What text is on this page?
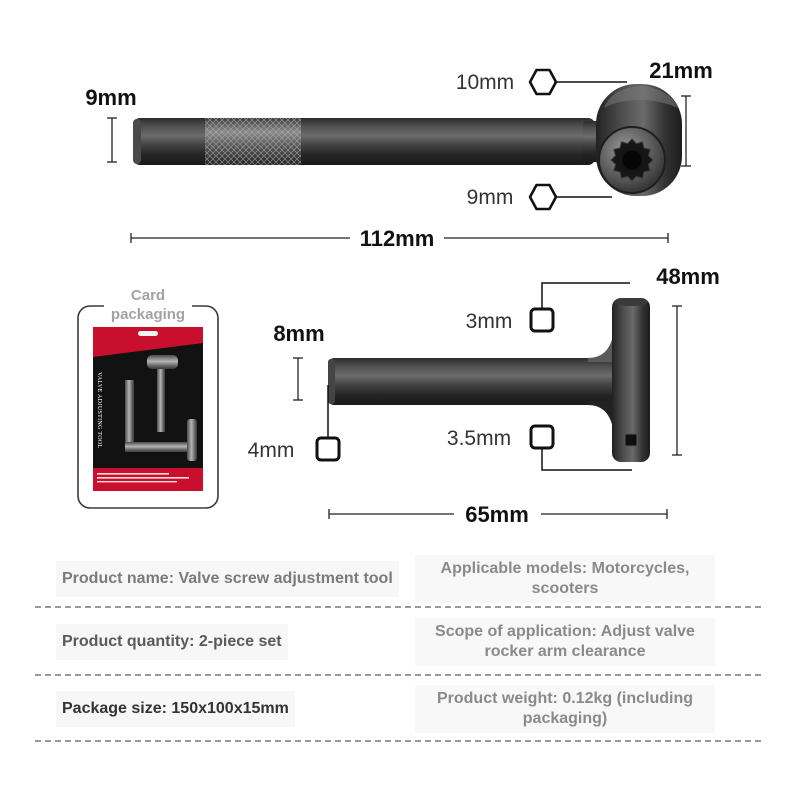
9mm
21mm
112mm
10mm
9mm
8mm
48mm
65mm
3mm
3.5mm
4mm
VALVE ADJUSTING TOOL
Card packaging
Product name: Valve screw adjustment tool
Applicable models: Motorcycles, scooters
Product quantity: 2-piece set
Scope of application: Adjust valve rocker arm clearance
Package size: 150x100x15mm
Product weight: 0.12kg (including packaging)
